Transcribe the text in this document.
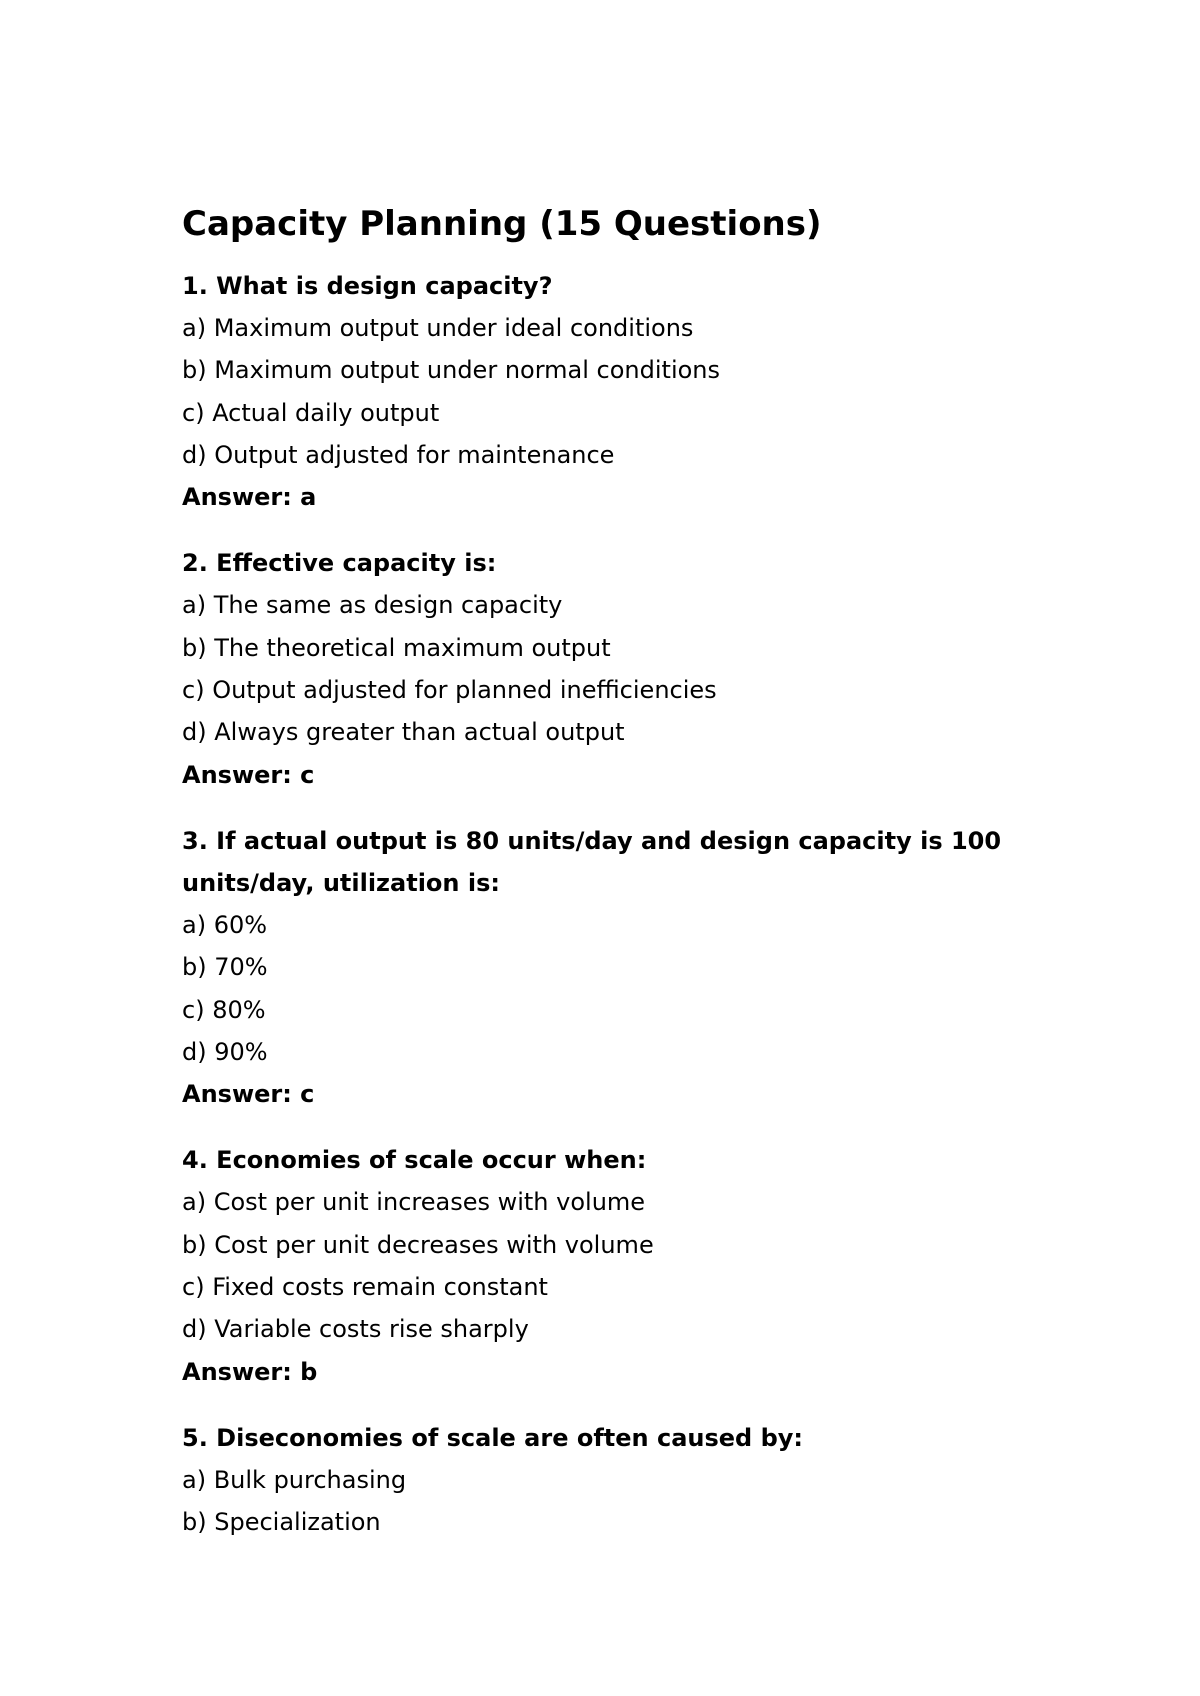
Capacity Planning (15 Questions)

1. What is design capacity?

a) Maximum output under ideal conditions

b) Maximum output under normal conditions

c) Actual daily output

d) Output adjusted for maintenance

Answer: a

2. Effective capacity is:

a) The same as design capacity

b) The theoretical maximum output

c) Output adjusted for planned inefficiencies

d) Always greater than actual output

Answer: c

3. If actual output is 80 units/day and design capacity is 100 units/day, utilization is:

a) 60%

b) 70%

c) 80%

d) 90%

Answer: c

4. Economies of scale occur when:

a) Cost per unit increases with volume

b) Cost per unit decreases with volume

c) Fixed costs remain constant

d) Variable costs rise sharply

Answer: b

5. Diseconomies of scale are often caused by:

a) Bulk purchasing

b) Specialization
